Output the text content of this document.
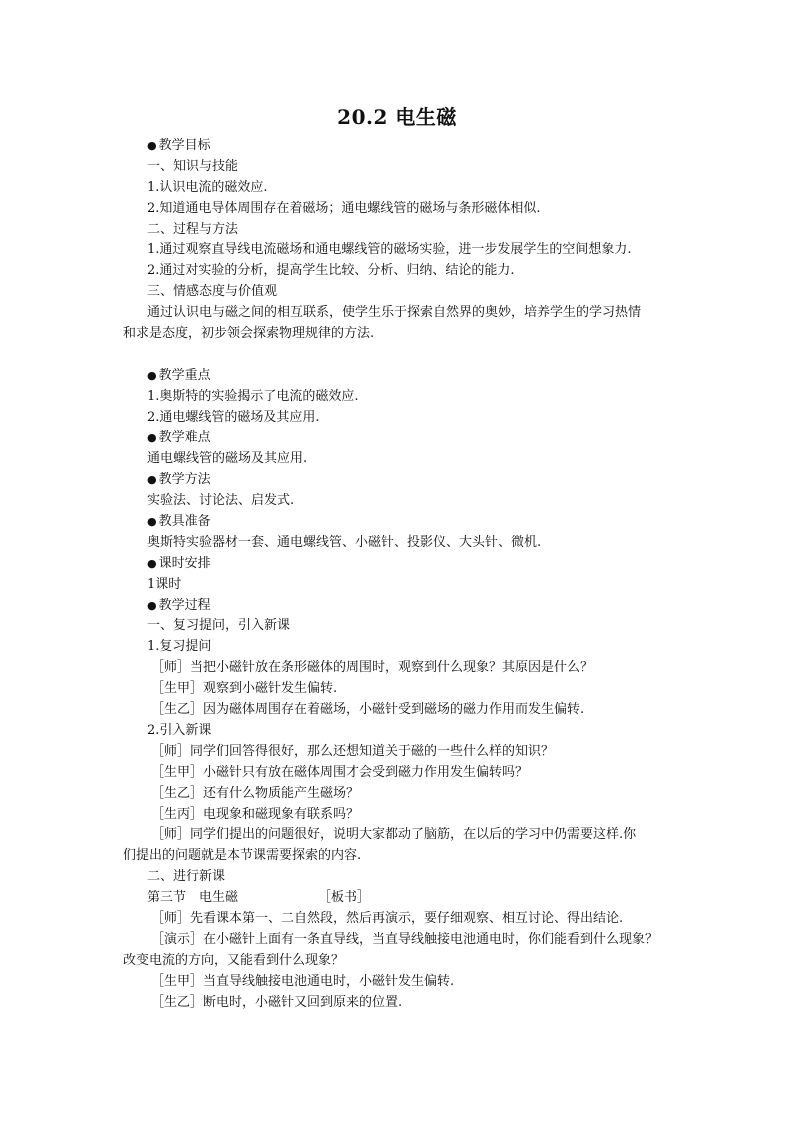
20.2 电生磁
● 教学目标
一、知识与技能
1.认识电流的磁效应.
2.知道通电导体周围存在着磁场；通电螺线管的磁场与条形磁体相似.
二、过程与方法
1.通过观察直导线电流磁场和通电螺线管的磁场实验，进一步发展学生的空间想象力.
2.通过对实验的分析，提高学生比较、分析、归纳、结论的能力.
三、情感态度与价值观
通过认识电与磁之间的相互联系，使学生乐于探索自然界的奥妙，培养学生的学习热情
和求是态度，初步领会探索物理规律的方法.
● 教学重点
1.奥斯特的实验揭示了电流的磁效应.
2.通电螺线管的磁场及其应用.
● 教学难点
通电螺线管的磁场及其应用.
● 教学方法
实验法、讨论法、启发式.
● 教具准备
奥斯特实验器材一套、通电螺线管、小磁针、投影仪、大头针、微机.
● 课时安排
1课时
● 教学过程
一、复习提问，引入新课
1.复习提问
［师］当把小磁针放在条形磁体的周围时，观察到什么现象？其原因是什么？
［生甲］观察到小磁针发生偏转.
［生乙］因为磁体周围存在着磁场，小磁针受到磁场的磁力作用而发生偏转.
2.引入新课
［师］同学们回答得很好，那么还想知道关于磁的一些什么样的知识？
［生甲］小磁针只有放在磁体周围才会受到磁力作用发生偏转吗？
［生乙］还有什么物质能产生磁场？
［生丙］电现象和磁现象有联系吗？
［师］同学们提出的问题很好，说明大家都动了脑筋，在以后的学习中仍需要这样.你
们提出的问题就是本节课需要探索的内容.
二、进行新课
第三节　电生磁	［板书］
［师］先看课本第一、二自然段，然后再演示，要仔细观察、相互讨论、得出结论.
［演示］在小磁针上面有一条直导线，当直导线触接电池通电时，你们能看到什么现象？
改变电流的方向，又能看到什么现象？
［生甲］当直导线触接电池通电时，小磁针发生偏转.
［生乙］断电时，小磁针又回到原来的位置.
